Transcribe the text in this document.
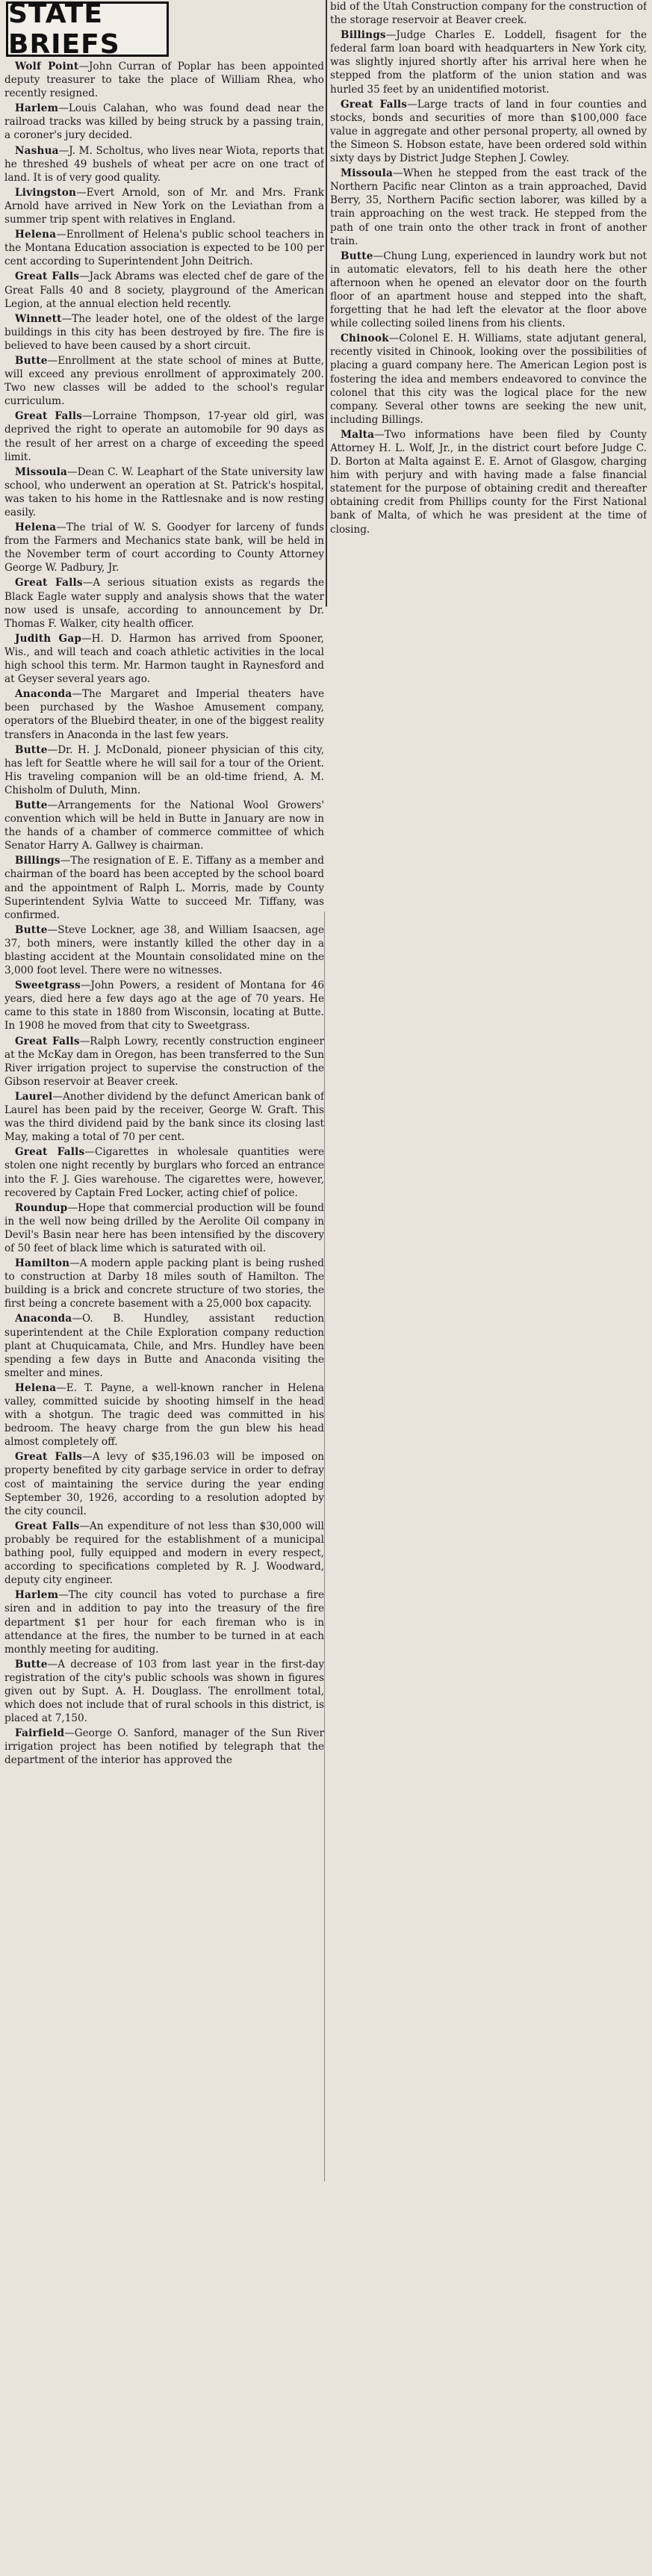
STATE BRIEFS

Wolf Point—John Curran of Poplar has been appointed deputy treasurer to take the place of William Rhea, who recently resigned.

Harlem—Louis Calahan, who was found dead near the railroad tracks was killed by being struck by a passing train, a coroner's jury decided.

Nashua—J. M. Scholtus, who lives near Wiota, reports that he threshed 49 bushels of wheat per acre on one tract of land. It is of very good quality.

Livingston—Evert Arnold, son of Mr. and Mrs. Frank Arnold have arrived in New York on the Leviathan from a summer trip spent with relatives in England.

Helena—Enrollment of Helena's public school teachers in the Montana Education association is expected to be 100 per cent according to Superintendent John Deitrich.

Great Falls—Jack Abrams was elected chef de gare of the Great Falls 40 and 8 society, playground of the American Legion, at the annual election held recently.

Winnett—The leader hotel, one of the oldest of the large buildings in this city has been destroyed by fire. The fire is believed to have been caused by a short circuit.

Butte—Enrollment at the state school of mines at Butte, will exceed any previous enrollment of approximately 200. Two new classes will be added to the school's regular curriculum.

Great Falls—Lorraine Thompson, 17-year old girl, was deprived the right to operate an automobile for 90 days as the result of her arrest on a charge of exceeding the speed limit.

Missoula—Dean C. W. Leaphart of the State university law school, who underwent an operation at St. Patrick's hospital, was taken to his home in the Rattlesnake and is now resting easily.

Helena—The trial of W. S. Goodyer for larceny of funds from the Farmers and Mechanics state bank, will be held in the November term of court according to County Attorney George W. Padbury, Jr.

Great Falls—A serious situation exists as regards the Black Eagle water supply and analysis shows that the water now used is unsafe, according to announcement by Dr. Thomas F. Walker, city health officer.

Judith Gap—H. D. Harmon has arrived from Spooner, Wis., and will teach and coach athletic activities in the local high school this term. Mr. Harmon taught in Raynesford and at Geyser several years ago.

Anaconda—The Margaret and Imperial theaters have been purchased by the Washoe Amusement company, operators of the Bluebird theater, in one of the biggest reality transfers in Anaconda in the last few years.

Butte—Dr. H. J. McDonald, pioneer physician of this city, has left for Seattle where he will sail for a tour of the Orient. His traveling companion will be an old-time friend, A. M. Chisholm of Duluth, Minn.

Butte—Arrangements for the National Wool Growers' convention which will be held in Butte in January are now in the hands of a chamber of commerce committee of which Senator Harry A. Gallwey is chairman.

Billings—The resignation of E. E. Tiffany as a member and chairman of the board has been accepted by the school board and the appointment of Ralph L. Morris, made by County Superintendent Sylvia Watte to succeed Mr. Tiffany, was confirmed.

Butte—Steve Lockner, age 38, and William Isaacsen, age 37, both miners, were instantly killed the other day in a blasting accident at the Mountain consolidated mine on the 3,000 foot level. There were no witnesses.

Sweetgrass—John Powers, a resident of Montana for 46 years, died here a few days ago at the age of 70 years. He came to this state in 1880 from Wisconsin, locating at Butte. In 1908 he moved from that city to Sweetgrass.

Great Falls—Ralph Lowry, recently construction engineer at the McKay dam in Oregon, has been transferred to the Sun River irrigation project to supervise the construction of the Gibson reservoir at Beaver creek.

Laurel—Another dividend by the defunct American bank of Laurel has been paid by the receiver, George W. Graft. This was the third dividend paid by the bank since its closing last May, making a total of 70 per cent.

Great Falls—Cigarettes in wholesale quantities were stolen one night recently by burglars who forced an entrance into the F. J. Gies warehouse. The cigarettes were, however, recovered by Captain Fred Locker, acting chief of police.

Roundup—Hope that commercial production will be found in the well now being drilled by the Aerolite Oil company in Devil's Basin near here has been intensified by the discovery of 50 feet of black lime which is saturated with oil.

Hamilton—A modern apple packing plant is being rushed to construction at Darby 18 miles south of Hamilton. The building is a brick and concrete structure of two stories, the first being a concrete basement with a 25,000 box capacity.

Anaconda—O. B. Hundley, assistant reduction superintendent at the Chile Exploration company reduction plant at Chuquicamata, Chile, and Mrs. Hundley have been spending a few days in Butte and Anaconda visiting the smelter and mines.

Helena—E. T. Payne, a well-known rancher in Helena valley, committed suicide by shooting himself in the head with a shotgun. The tragic deed was committed in his bedroom. The heavy charge from the gun blew his head almost completely off.

Great Falls—A levy of $35,196.03 will be imposed on property benefited by city garbage service in order to defray cost of maintaining the service during the year ending September 30, 1926, according to a resolution adopted by the city council.

Great Falls—An expenditure of not less than $30,000 will probably be required for the establishment of a municipal bathing pool, fully equipped and modern in every respect, according to specifications completed by R. J. Woodward, deputy city engineer.

Harlem—The city council has voted to purchase a fire siren and in addition to pay into the treasury of the fire department $1 per hour for each fireman who is in attendance at the fires, the number to be turned in at each monthly meeting for auditing.

Butte—A decrease of 103 from last year in the first-day registration of the city's public schools was shown in figures given out by Supt. A. H. Douglass. The enrollment total, which does not include that of rural schools in this district, is placed at 7,150.

Fairfield—George O. Sanford, manager of the Sun River irrigation project has been notified by telegraph that the department of the interior has approved the

bid of the Utah Construction company for the construction of the storage reservoir at Beaver creek.

Billings—Judge Charles E. Loddell, fisagent for the federal farm loan board with headquarters in New York city, was slightly injured shortly after his arrival here when he stepped from the platform of the union station and was hurled 35 feet by an unidentified motorist.

Great Falls—Large tracts of land in four counties and stocks, bonds and securities of more than $100,000 face value in aggregate and other personal property, all owned by the Simeon S. Hobson estate, have been ordered sold within sixty days by District Judge Stephen J. Cowley.

Missoula—When he stepped from the east track of the Northern Pacific near Clinton as a train approached, David Berry, 35, Northern Pacific section laborer, was killed by a train approaching on the west track. He stepped from the path of one train onto the other track in front of another train.

Butte—Chung Lung, experienced in laundry work but not in automatic elevators, fell to his death here the other afternoon when he opened an elevator door on the fourth floor of an apartment house and stepped into the shaft, forgetting that he had left the elevator at the floor above while collecting soiled linens from his clients.

Chinook—Colonel E. H. Williams, state adjutant general, recently visited in Chinook, looking over the possibilities of placing a guard company here. The American Legion post is fostering the idea and members endeavored to convince the colonel that this city was the logical place for the new company. Several other towns are seeking the new unit, including Billings.

Malta—Two informations have been filed by County Attorney H. L. Wolf, Jr., in the district court before Judge C. D. Borton at Malta against E. E. Arnot of Glasgow, charging him with perjury and with having made a false financial statement for the purpose of obtaining credit and thereafter obtaining credit from Phillips county for the First National bank of Malta, of which he was president at the time of closing.
